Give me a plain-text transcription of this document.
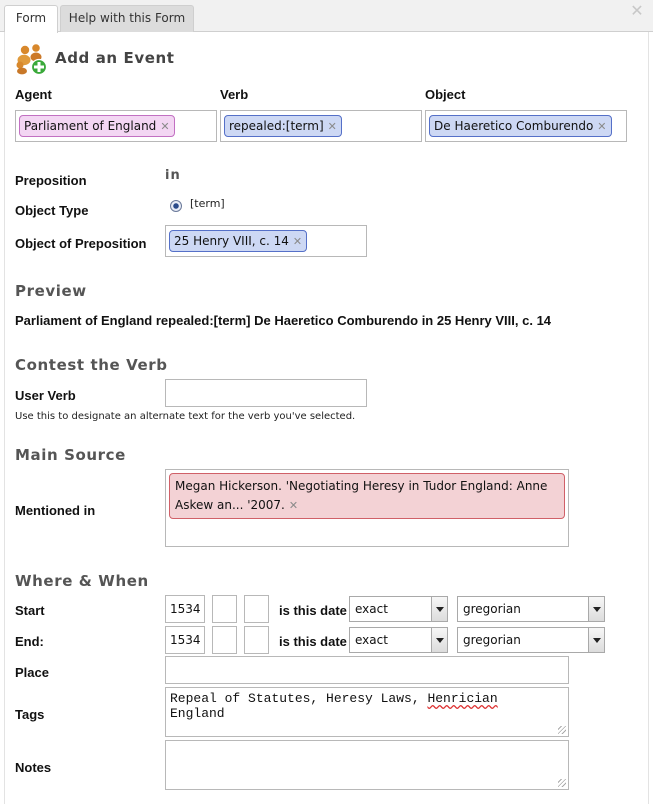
Form	Help with this Form	✕
Add an Event
Agent	Verb	Object
Parliament of England ✕	repealed:[term] ✕	De Haeretico Comburendo ✕
Preposition	in
Object Type	[term]
Object of Preposition	25 Henry VIII, c. 14 ✕
Preview
Parliament of England repealed:[term] De Haeretico Comburendo in 25 Henry VIII, c. 14
Contest the Verb
User Verb
Use this to designate an alternate text for the verb you've selected.
Main Source
Mentioned in
Megan Hickerson. 'Negotiating Heresy in Tudor England: Anne
Askew an... '2007. ✕
Where & When
Start	1534	is this date exact	gregorian
End:	1534	is this date exact	gregorian
Place
Tags
Repeal of Statutes, Heresy Laws, Henrician
England
Notes
